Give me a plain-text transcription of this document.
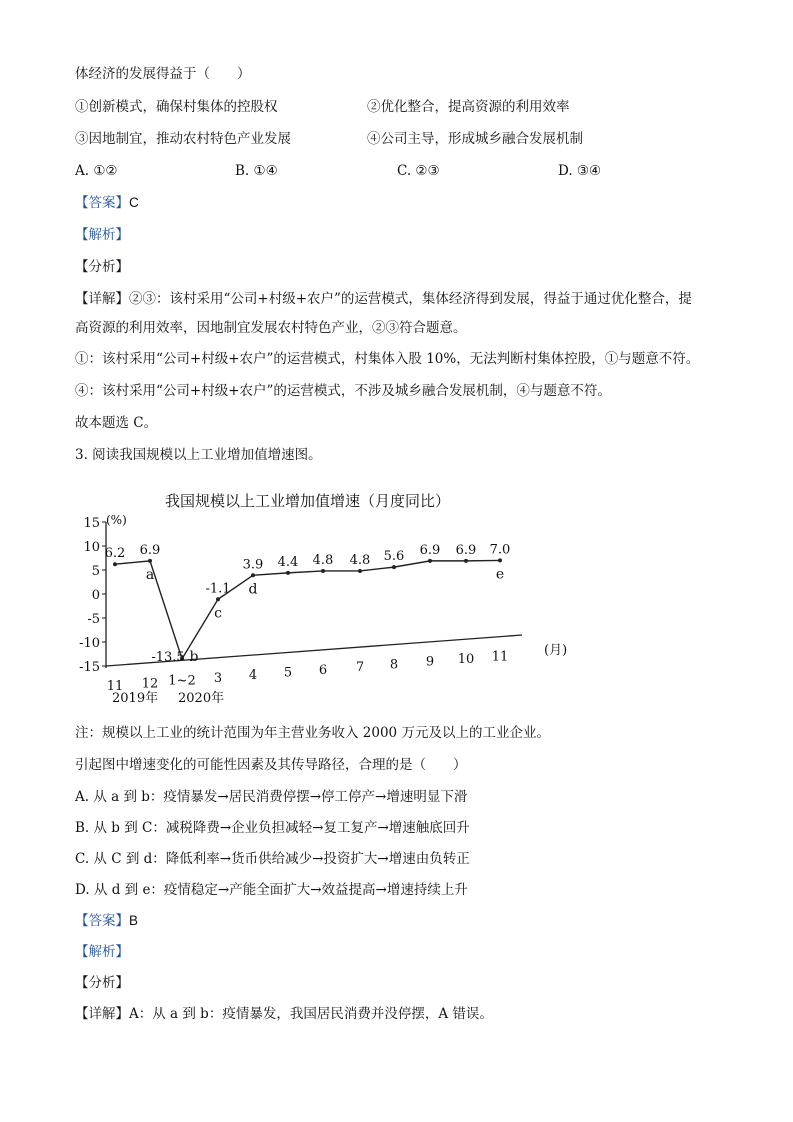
体经济的发展得益于（　　）
①创新模式，确保村集体的控股权	②优化整合，提高资源的利用效率
③因地制宜，推动农村特色产业发展	④公司主导，形成城乡融合发展机制
A. ①②	B. ①④	C. ②③	D. ③④
【答案】C
【解析】
【分析】
【详解】②③：该村采用“公司+村级+农户”的运营模式，集体经济得到发展，得益于通过优化整合，提
高资源的利用效率，因地制宜发展农村特色产业，②③符合题意。
①：该村采用“公司+村级+农户”的运营模式，村集体入股 10%，无法判断村集体控股，①与题意不符。
④：该村采用“公司+村级+农户”的运营模式，不涉及城乡融合发展机制，④与题意不符。
故本题选 C。
3. 阅读我国规模以上工业增加值增速图。
我国规模以上工业增加值增速（月度同比）
(%)
(月)
15
10
5
0
-5
-10
-15
11 12 1~2 3 4 5 6 7 8 9 10 11
6.2 6.9
-13.5
-1.1
3.9 4.4 4.8 4.8 5.6 6.9 6.9 7.0
a
b
c
d
e
2019年 2020年
注：规模以上工业的统计范围为年主营业务收入 2000 万元及以上的工业企业。
引起图中增速变化的可能性因素及其传导路径，合理的是（　　）
A. 从 a 到 b：疫情暴发→居民消费停摆→停工停产→增速明显下滑
B. 从 b 到 C：减税降费→企业负担减轻→复工复产→增速触底回升
C. 从 C 到 d：降低利率→货币供给减少→投资扩大→增速由负转正
D. 从 d 到 e：疫情稳定→产能全面扩大→效益提高→增速持续上升
【答案】B
【解析】
【分析】
【详解】A：从 a 到 b：疫情暴发，我国居民消费并没停摆，A 错误。
